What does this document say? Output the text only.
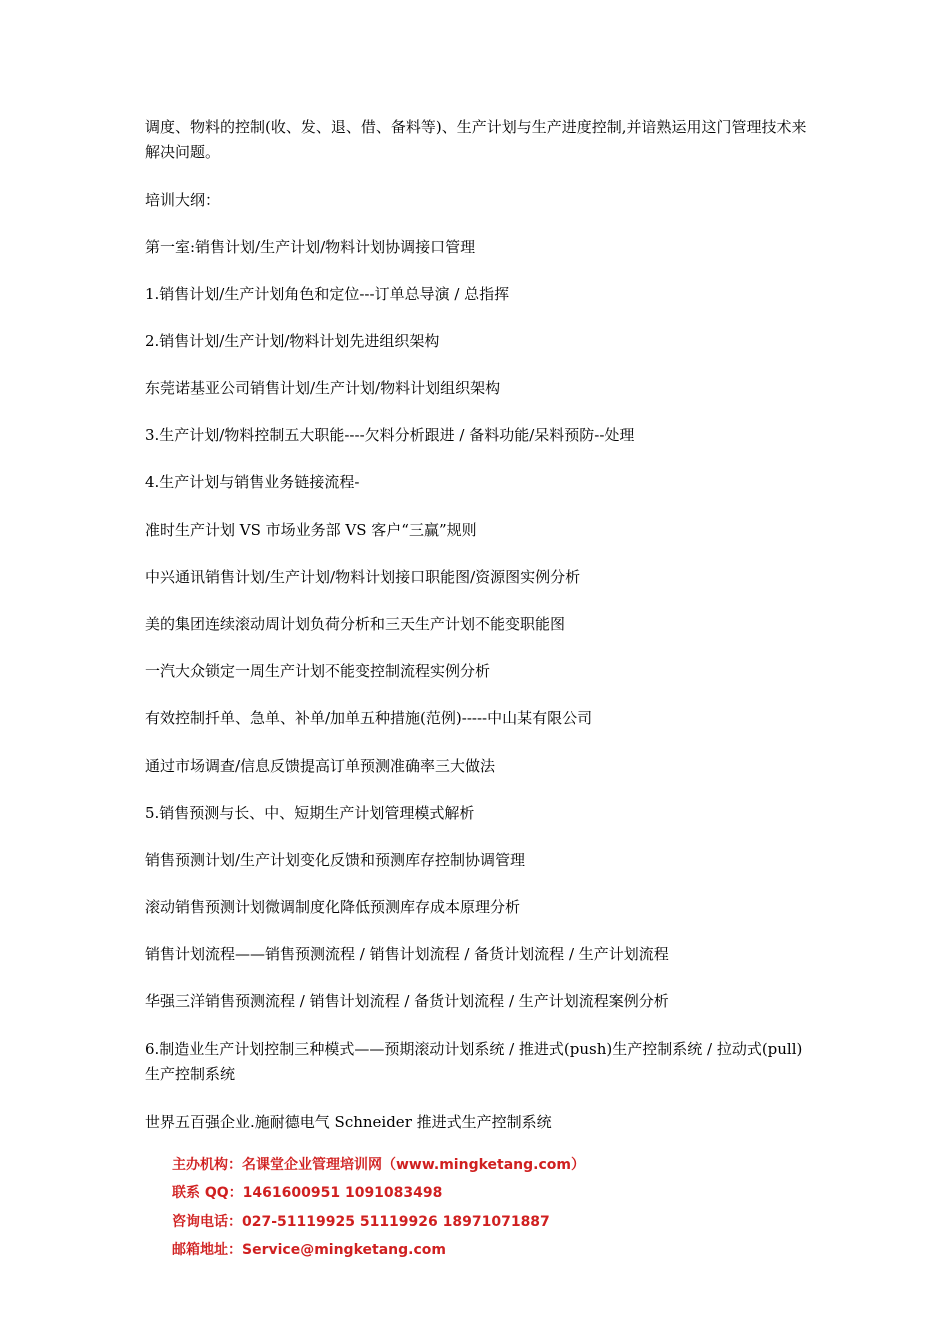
调度、物料的控制(收、发、退、借、备料等)、生产计划与生产进度控制,并谙熟运用这门管理技术来 解决问题。

培训大纲：

第一室:销售计划/生产计划/物料计划协调接口管理

1.销售计划/生产计划角色和定位---订单总导演 / 总指挥

2.销售计划/生产计划/物料计划先进组织架构

东莞诺基亚公司销售计划/生产计划/物料计划组织架构

3.生产计划/物料控制五大职能----欠料分析跟进 / 备料功能/呆料预防--处理

4.生产计划与销售业务链接流程-

准时生产计划 VS 市场业务部 VS 客户“三赢”规则

中兴通讯销售计划/生产计划/物料计划接口职能图/资源图实例分析

美的集团连续滚动周计划负荷分析和三天生产计划不能变职能图

一汽大众锁定一周生产计划不能变控制流程实例分析

有效控制扦单、急单、补单/加单五种措施(范例)-----中山某有限公司

通过市场调查/信息反馈提高订单预测准确率三大做法

5.销售预测与长、中、短期生产计划管理模式解析

销售预测计划/生产计划变化反馈和预测库存控制协调管理

滚动销售预测计划微调制度化降低预测库存成本原理分析

销售计划流程——销售预测流程 / 销售计划流程 / 备货计划流程 / 生产计划流程

华强三洋销售预测流程 / 销售计划流程 / 备货计划流程 / 生产计划流程案例分析

6.制造业生产计划控制三种模式——预期滚动计划系统 / 推进式(push)生产控制系统 / 拉动式(pull)生产控制系统

世界五百强企业.施耐德电气 Schneider 推进式生产控制系统

主办机构：名课堂企业管理培训网（www.mingketang.com）
联系 QQ：1461600951 1091083498
咨询电话：027-51119925 51119926 18971071887
邮箱地址：Service@mingketang.com
